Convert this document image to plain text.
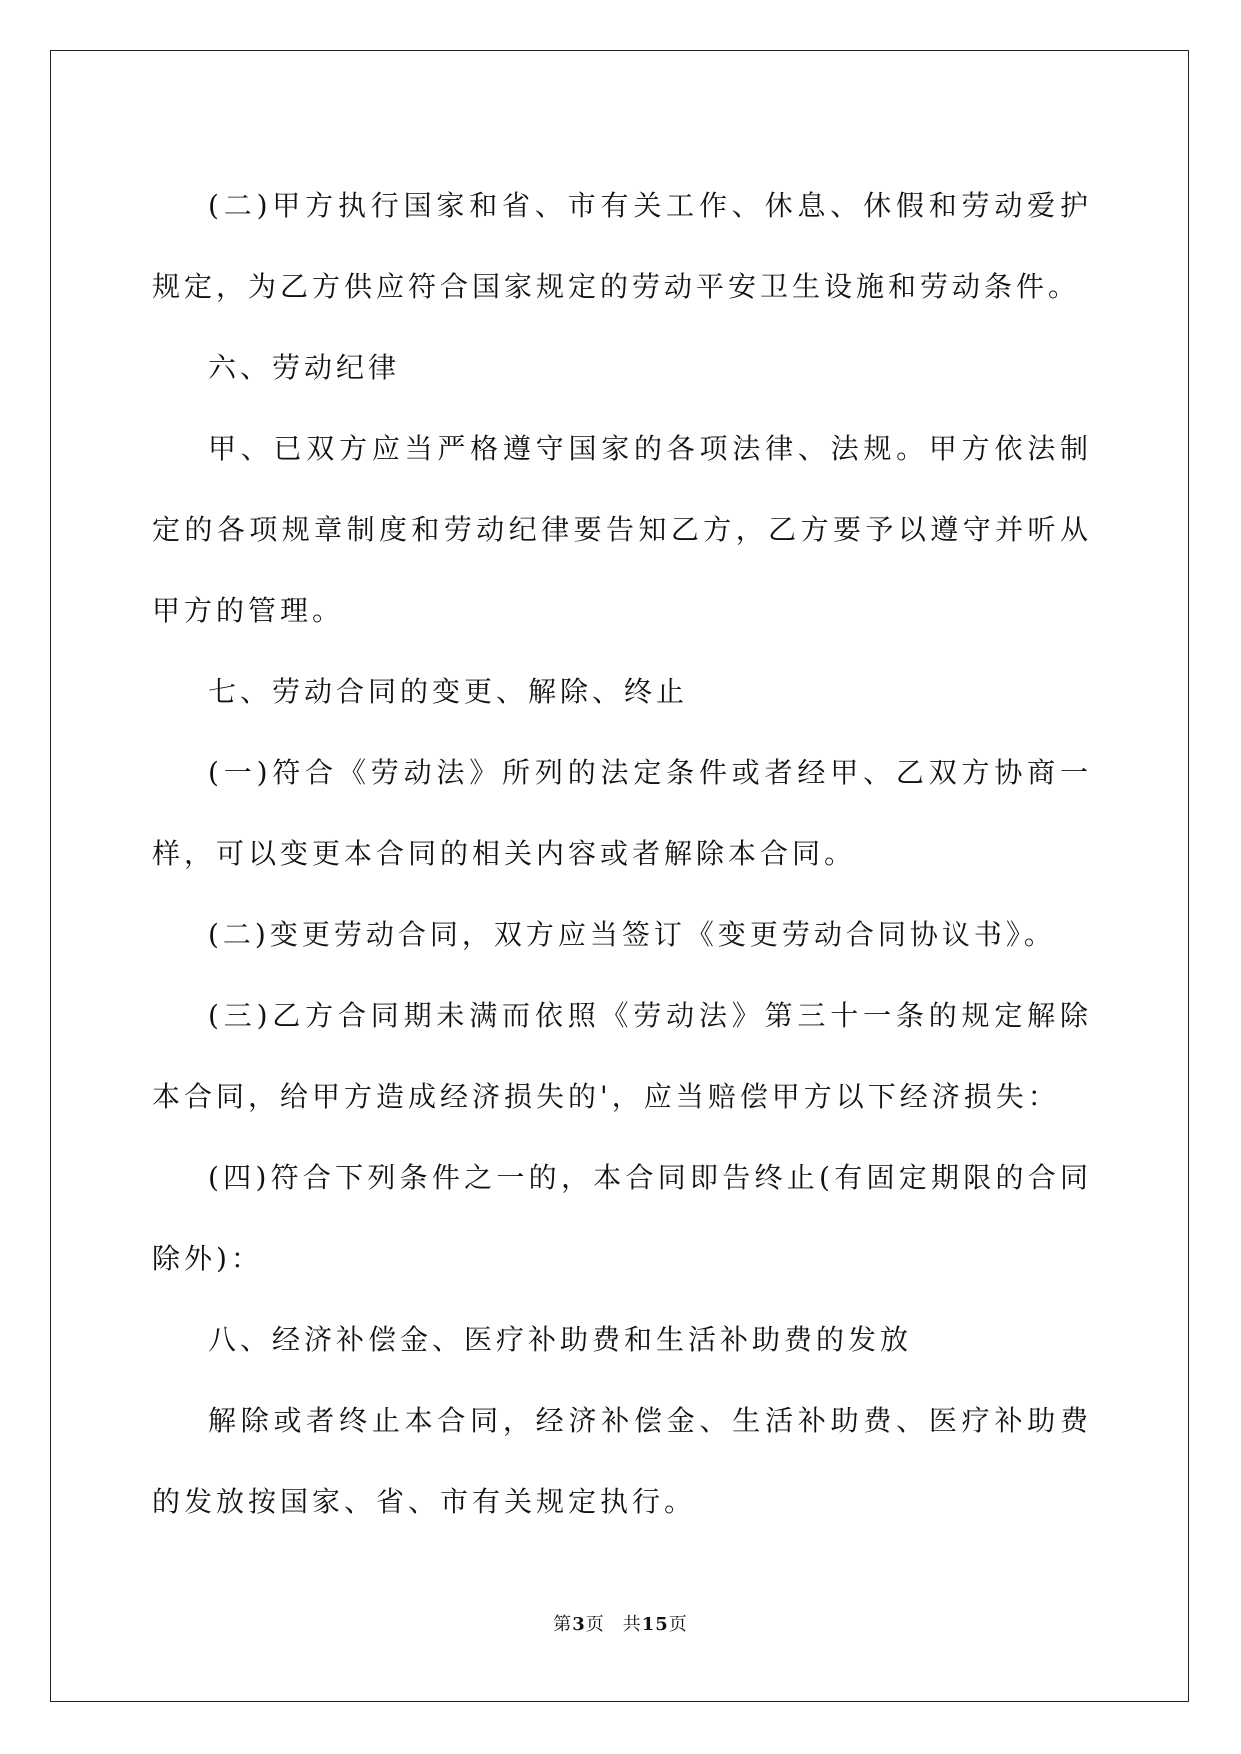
(二)甲方执行国家和省、市有关工作、休息、休假和劳动爱护规定，为乙方供应符合国家规定的劳动平安卫生设施和劳动条件。

六、劳动纪律

甲、已双方应当严格遵守国家的各项法律、法规。甲方依法制定的各项规章制度和劳动纪律要告知乙方，乙方要予以遵守并听从甲方的管理。

七、劳动合同的变更、解除、终止

(一)符合《劳动法》所列的法定条件或者经甲、乙双方协商一样，可以变更本合同的相关内容或者解除本合同。

(二)变更劳动合同，双方应当签订《变更劳动合同协议书》。

(三)乙方合同期未满而依照《劳动法》第三十一条的规定解除本合同，给甲方造成经济损失的'，应当赔偿甲方以下经济损失：

(四)符合下列条件之一的，本合同即告终止(有固定期限的合同除外)：

八、经济补偿金、医疗补助费和生活补助费的发放

解除或者终止本合同，经济补偿金、生活补助费、医疗补助费的发放按国家、省、市有关规定执行。

第3页 共15页
